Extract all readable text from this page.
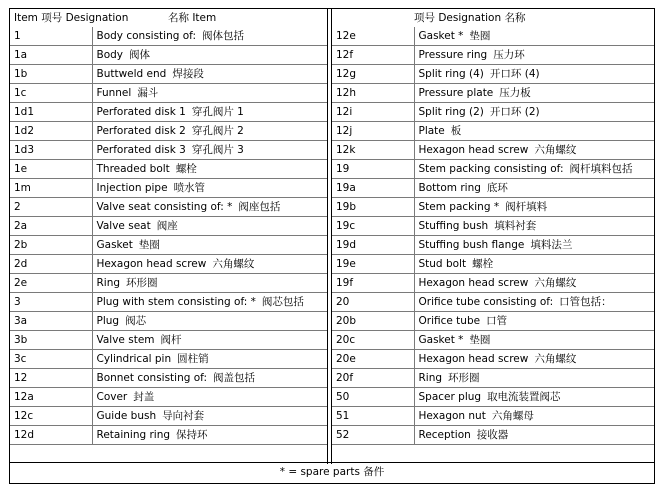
Item 项号 Designation	名称 Item
1	Body consisting of: 阀体包括
1a	Body 阀体
1b	Buttweld end 焊接段
1c	Funnel 漏斗
1d1	Perforated disk 1 穿孔阀片 1
1d2	Perforated disk 2 穿孔阀片 2
1d3	Perforated disk 3 穿孔阀片 3
1e	Threaded bolt 螺栓
1m	Injection pipe 喷水管
2	Valve seat consisting of: * 阀座包括
2a	Valve seat 阀座
2b	Gasket 垫圈
2d	Hexagon head screw 六角螺纹
2e	Ring 环形圈
3	Plug with stem consisting of: * 阀芯包括
3a	Plug 阀芯
3b	Valve stem 阀杆
3c	Cylindrical pin 圆柱销
12	Bonnet consisting of: 阀盖包括
12a	Cover 封盖
12c	Guide bush 导向衬套
12d	Retaining ring 保持环
	项号 Designation 名称
12e	Gasket * 垫圈
12f	Pressure ring 压力环
12g	Split ring (4) 开口环 (4)
12h	Pressure plate 压力板
12i	Split ring (2) 开口环 (2)
12j	Plate 板
12k	Hexagon head screw 六角螺纹
19	Stem packing consisting of: 阀杆填料包括
19a	Bottom ring 底环
19b	Stem packing * 阀杆填料
19c	Stuffing bush 填料衬套
19d	Stuffing bush flange 填料法兰
19e	Stud bolt 螺栓
19f	Hexagon head screw 六角螺纹
20	Orifice tube consisting of: 口管包括：
20b	Orifice tube 口管
20c	Gasket * 垫圈
20e	Hexagon head screw 六角螺纹
20f	Ring 环形圈
50	Spacer plug 取电流装置阀芯
51	Hexagon nut 六角螺母
52	Reception 接收器
* = spare parts 备件
